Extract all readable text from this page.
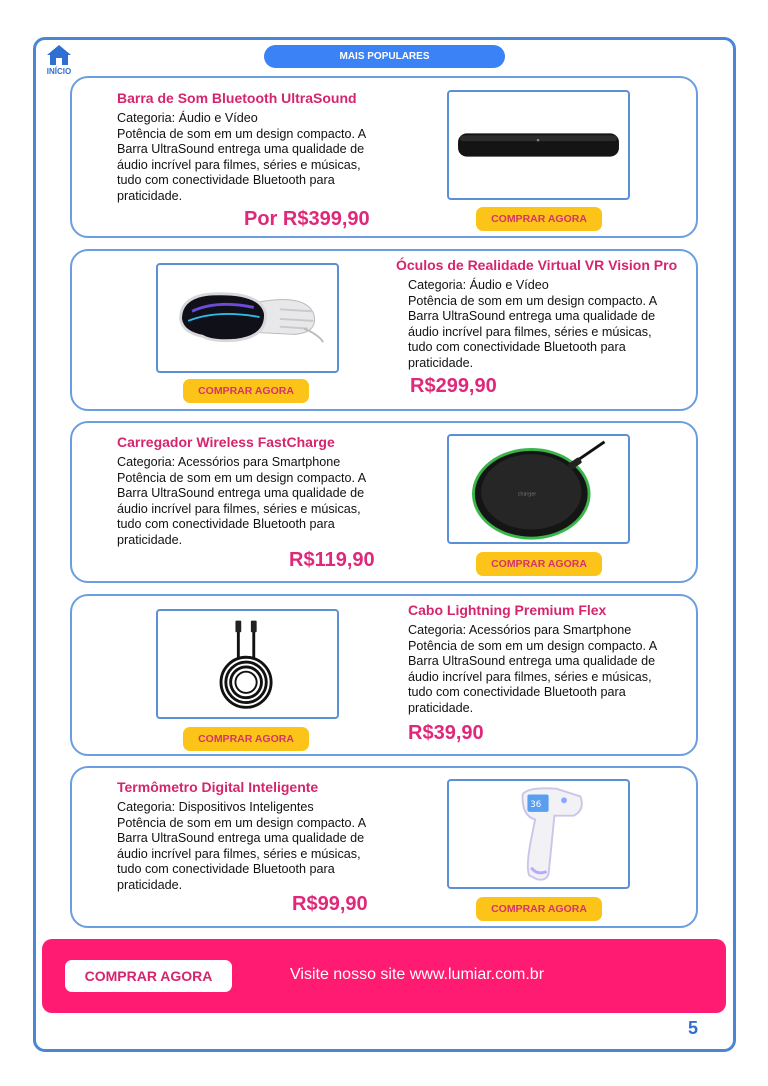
INÍCIO
MAIS POPULARES
Barra de Som Bluetooth UltraSound
Categoria: Áudio e Vídeo
Potência de som em um design compacto. A Barra UltraSound entrega uma qualidade de áudio incrível para filmes, séries e músicas, tudo com conectividade Bluetooth para praticidade.
Por R$399,90	COMPRAR AGORA
COMPRAR AGORA
Óculos de Realidade Virtual VR Vision Pro
Categoria: Áudio e Vídeo
Potência de som em um design compacto. A Barra UltraSound entrega uma qualidade de áudio incrível para filmes, séries e músicas, tudo com conectividade Bluetooth para praticidade.
R$299,90
Carregador Wireless FastCharge
Categoria: Acessórios para Smartphone
Potência de som em um design compacto. A Barra UltraSound entrega uma qualidade de áudio incrível para filmes, séries e músicas, tudo com conectividade Bluetooth para praticidade.
R$119,90
charger
COMPRAR AGORA
COMPRAR AGORA
Cabo Lightning Premium Flex
Categoria: Acessórios para Smartphone
Potência de som em um design compacto. A Barra UltraSound entrega uma qualidade de áudio incrível para filmes, séries e músicas, tudo com conectividade Bluetooth para praticidade.
R$39,90
Termômetro Digital Inteligente
Categoria: Dispositivos Inteligentes
Potência de som em um design compacto. A Barra UltraSound entrega uma qualidade de áudio incrível para filmes, séries e músicas, tudo com conectividade Bluetooth para praticidade.
R$99,90
36
COMPRAR AGORA
COMPRAR AGORA	Visite nosso site www.lumiar.com.br
5
